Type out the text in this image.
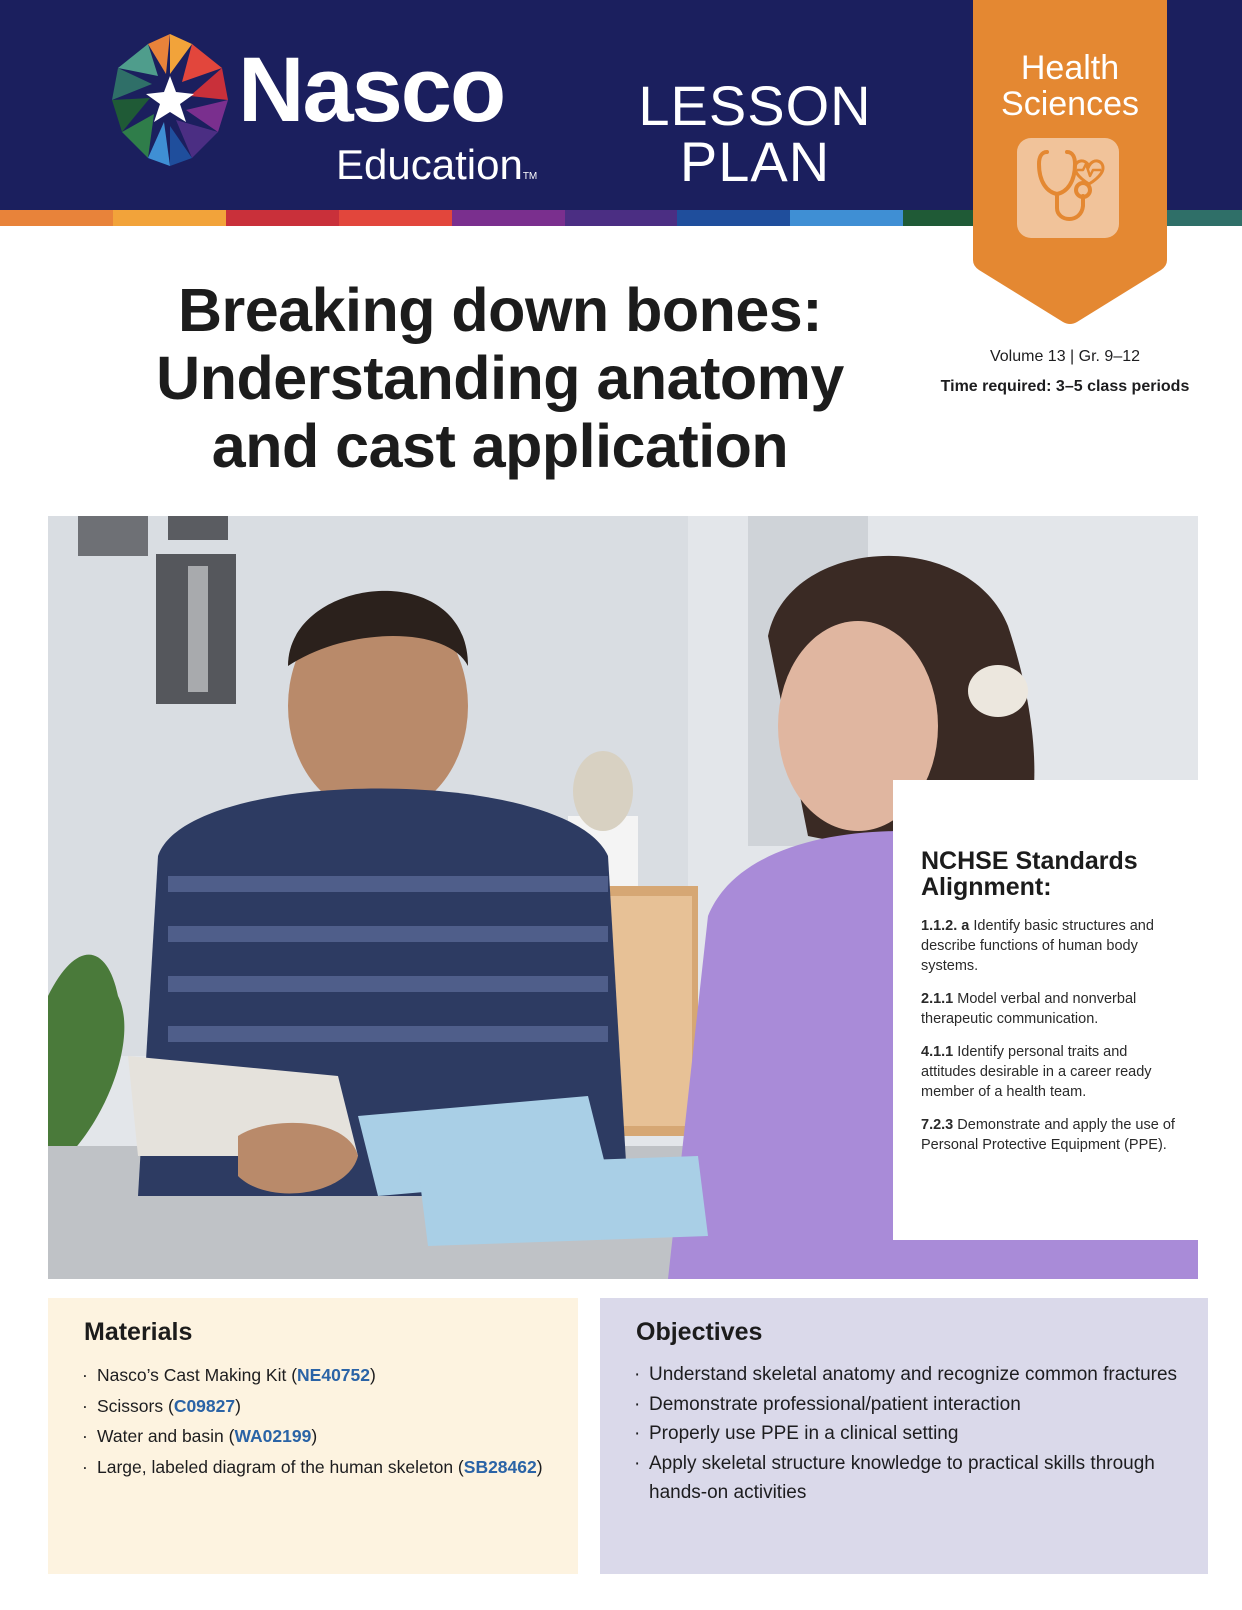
Nasco
EducationTM
LESSON
PLAN
Health
Sciences
Volume 13 | Gr. 9–12
Time required: 3–5 class periods
Breaking down bones:
Understanding anatomy
and cast application
NCHSE Standards
Alignment:
1.1.2. a Identify basic structures and describe functions of human body systems.
2.1.1 Model verbal and nonverbal therapeutic communication.
4.1.1 Identify personal traits and attitudes desirable in a career ready member of a health team.
7.2.3 Demonstrate and apply the use of Personal Protective Equipment (PPE).
Materials
· Nasco’s Cast Making Kit (NE40752)
· Scissors (C09827)
· Water and basin (WA02199)
· Large, labeled diagram of the human skeleton (SB28462)
Objectives
· Understand skeletal anatomy and recognize common fractures
· Demonstrate professional/patient interaction
· Properly use PPE in a clinical setting
· Apply skeletal structure knowledge to practical skills through hands-on activities
